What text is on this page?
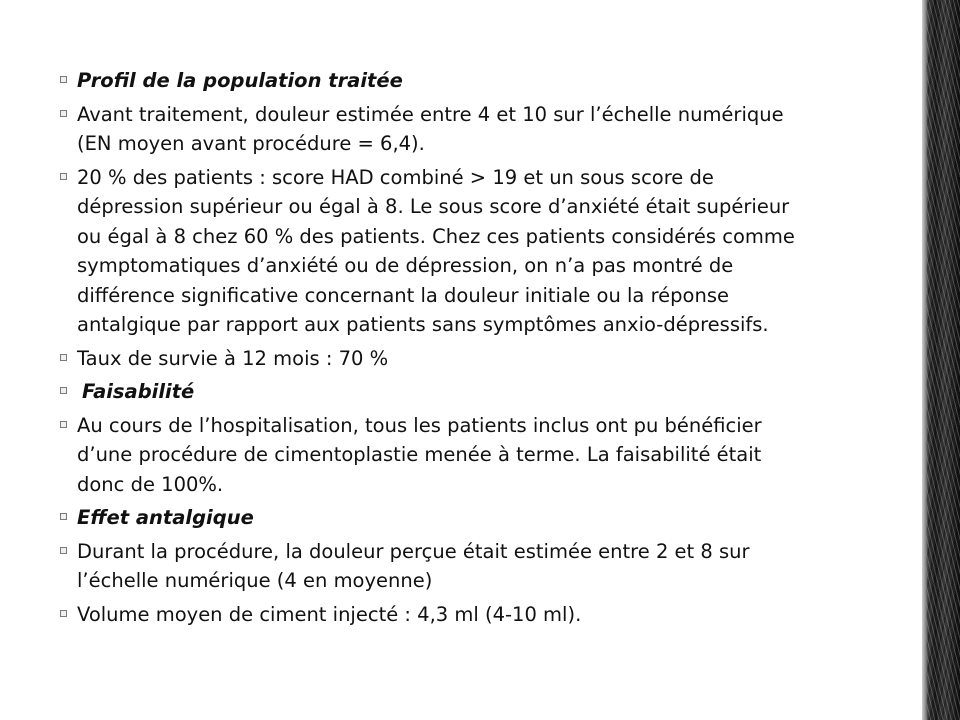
Profil de la population traitée
Avant traitement, douleur estimée entre 4 et 10 sur l’échelle numérique (EN moyen avant procédure = 6,4).
20 % des patients : score HAD combiné > 19 et un sous score de dépression supérieur ou égal à 8. Le sous score d’anxiété était supérieur ou égal à 8 chez 60 % des patients. Chez ces patients considérés comme symptomatiques d’anxiété ou de dépression, on n’a pas montré de différence significative concernant la douleur initiale ou la réponse antalgique par rapport aux patients sans symptômes anxio-dépressifs.
Taux de survie à 12 mois : 70 %
Faisabilité
Au cours de l’hospitalisation, tous les patients inclus ont pu bénéficier d’une procédure de cimentoplastie menée à terme. La faisabilité était donc de 100%.
Effet antalgique
Durant la procédure, la douleur perçue était estimée entre 2 et 8 sur l’échelle numérique (4 en moyenne)
Volume moyen de ciment injecté : 4,3 ml (4-10 ml).
